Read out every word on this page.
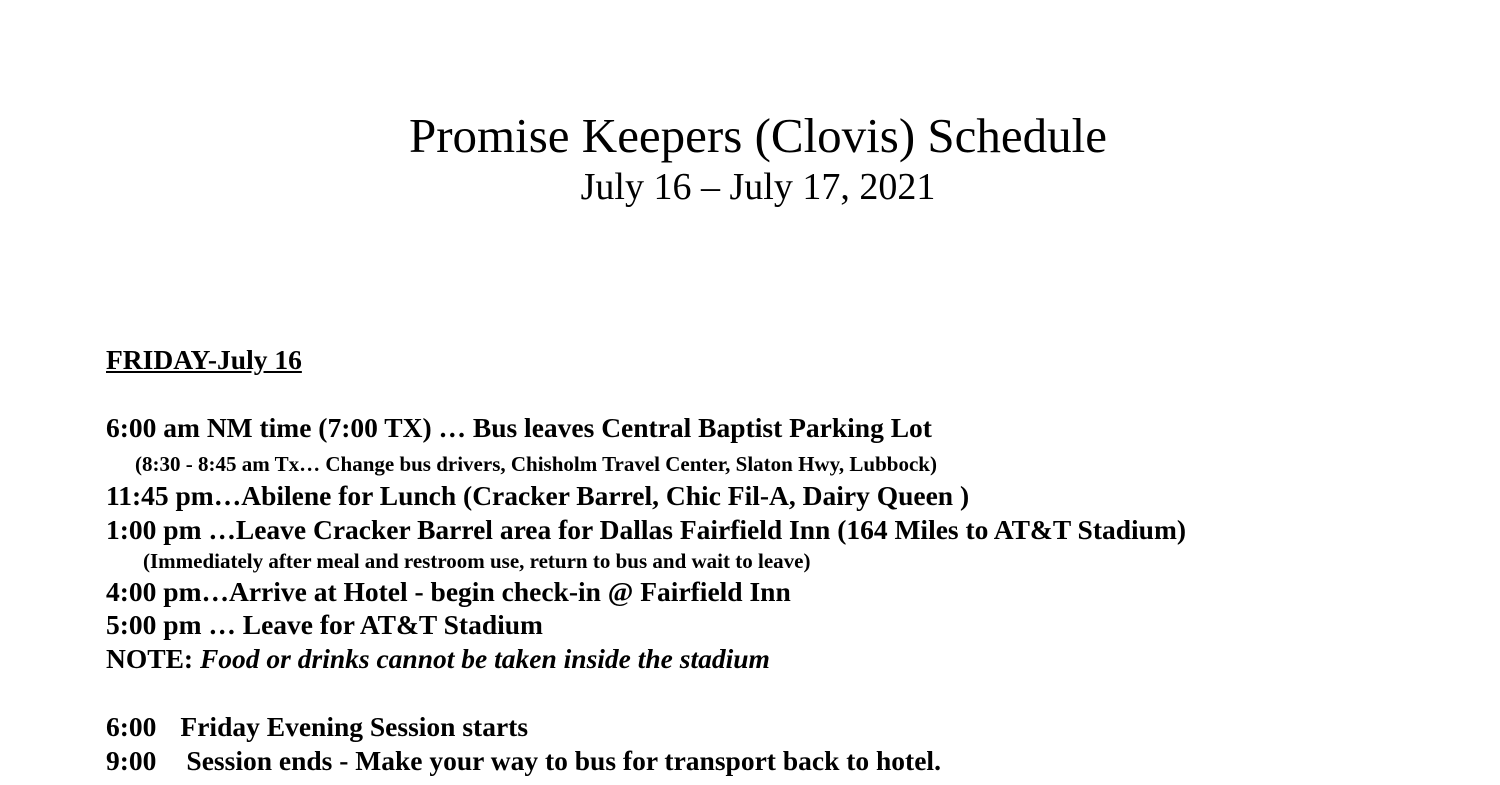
Promise Keepers (Clovis) Schedule
July 16 – July 17, 2021
FRIDAY-July 16
6:00 am NM time (7:00 TX) … Bus leaves Central Baptist Parking Lot
(8:30 - 8:45 am Tx… Change bus drivers, Chisholm Travel Center, Slaton Hwy, Lubbock)
11:45 pm…Abilene for Lunch (Cracker Barrel, Chic Fil-A, Dairy Queen )
1:00 pm …Leave Cracker Barrel area for Dallas Fairfield Inn (164 Miles to AT&T Stadium)
(Immediately after meal and restroom use, return to bus and wait to leave)
4:00 pm…Arrive at Hotel - begin check-in @ Fairfield Inn
5:00 pm … Leave for AT&T Stadium
NOTE: Food or drinks cannot be taken inside the stadium
6:00 Friday Evening Session starts
9:00 Session ends - Make your way to bus for transport back to hotel.
